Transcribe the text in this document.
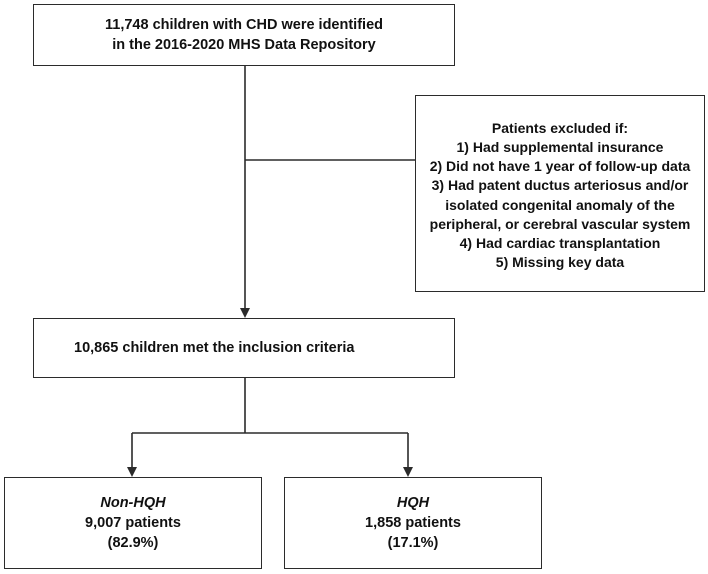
11,748 children with CHD were identified
in the 2016-2020 MHS Data Repository
Patients excluded if:
1) Had supplemental insurance
2) Did not have 1 year of follow-up data
3) Had patent ductus arteriosus and/or
isolated congenital anomaly of the
peripheral, or cerebral vascular system
4) Had cardiac transplantation
5) Missing key data
10,865 children met the inclusion criteria
Non-HQH
9,007 patients
(82.9%)
HQH
1,858 patients
(17.1%)
